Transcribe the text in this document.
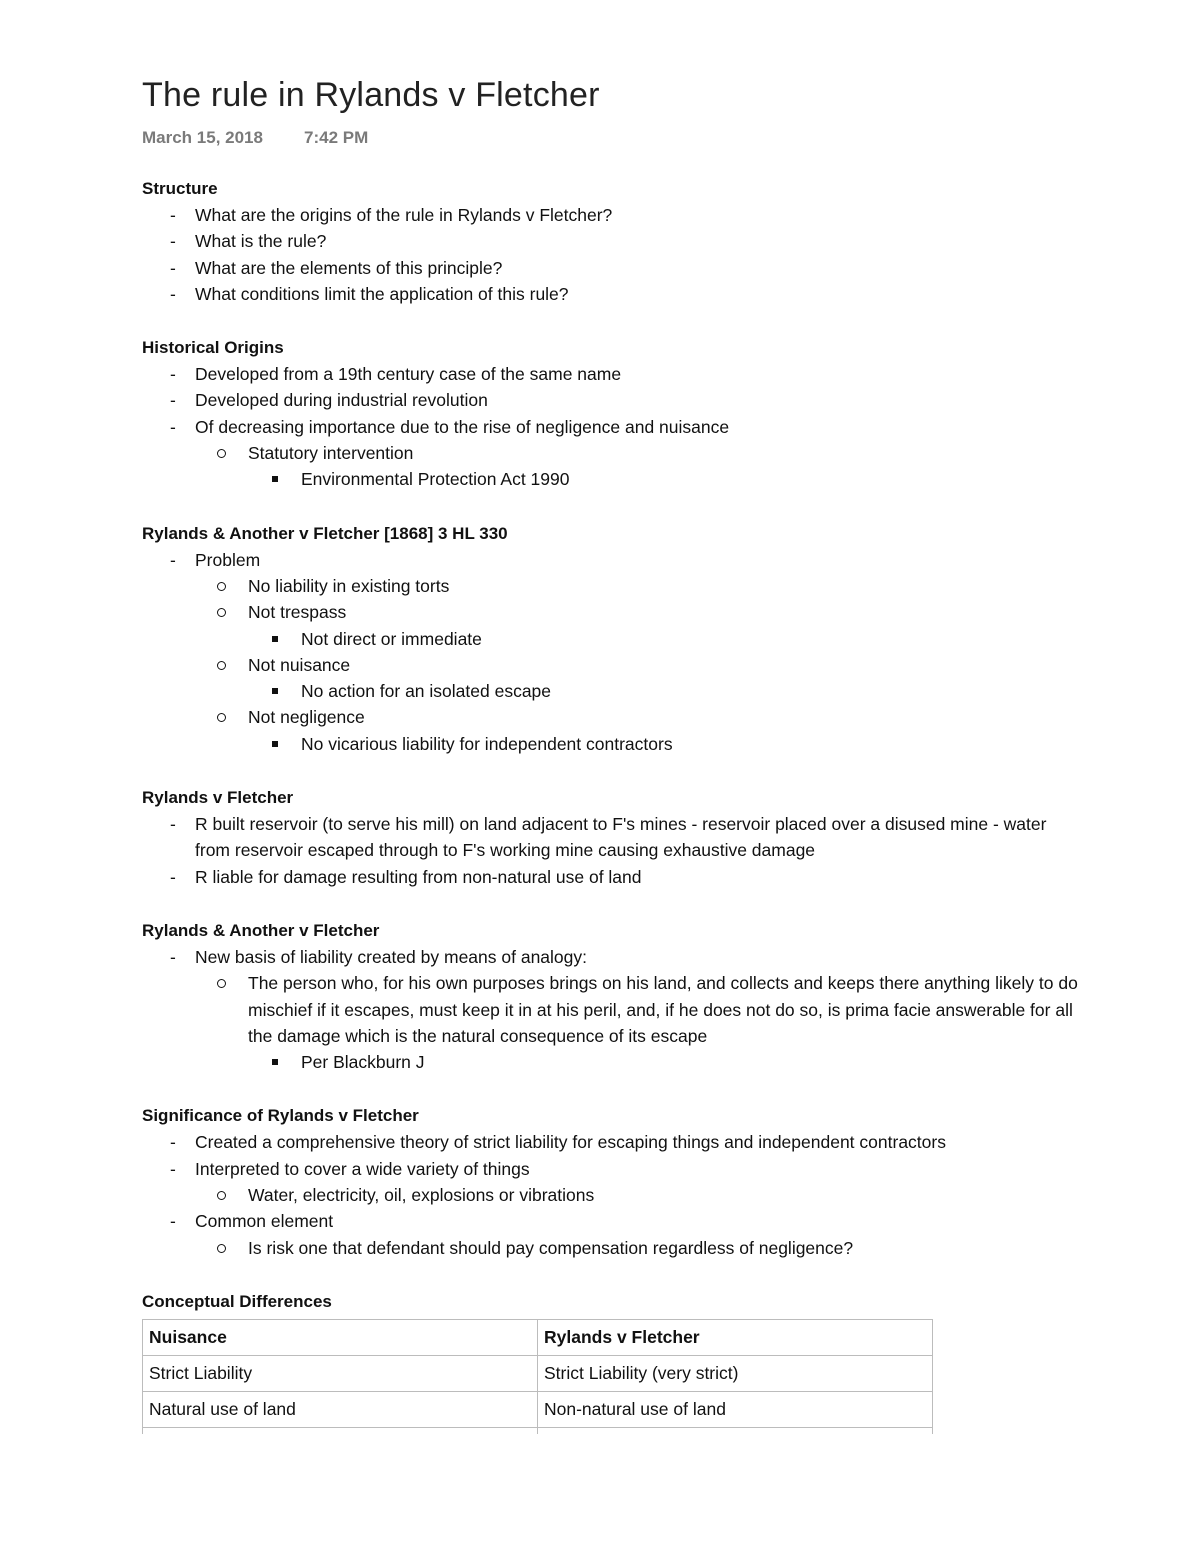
The rule in Rylands v Fletcher
March 15, 2018	7:42 PM
Structure
-
What are the origins of the rule in Rylands v Fletcher?
-
What is the rule?
-
What are the elements of this principle?
-
What conditions limit the application of this rule?
Historical Origins
-
Developed from a 19th century case of the same name
-
Developed during industrial revolution
-
Of decreasing importance due to the rise of negligence and nuisance
Statutory intervention
Environmental Protection Act 1990
Rylands & Another v Fletcher [1868] 3 HL 330
-
Problem
No liability in existing torts
Not trespass
Not direct or immediate
Not nuisance
No action for an isolated escape
Not negligence
No vicarious liability for independent contractors
Rylands v Fletcher
-
R built reservoir (to serve his mill) on land adjacent to F's mines - reservoir placed over a disused mine - water from reservoir escaped through to F's working mine causing exhaustive damage
-
R liable for damage resulting from non-natural use of land
Rylands & Another v Fletcher
-
New basis of liability created by means of analogy:
The person who, for his own purposes brings on his land, and collects and keeps there anything likely to do mischief if it escapes, must keep it in at his peril, and, if he does not do so, is prima facie answerable for all the damage which is the natural consequence of its escape
Per Blackburn J
Significance of Rylands v Fletcher
-
Created a comprehensive theory of strict liability for escaping things and independent contractors
-
Interpreted to cover a wide variety of things
Water, electricity, oil, explosions or vibrations
-
Common element
Is risk one that defendant should pay compensation regardless of negligence?
Conceptual Differences
Nuisance	Rylands v Fletcher
Strict Liability	Strict Liability (very strict)
Natural use of land	Non-natural use of land
